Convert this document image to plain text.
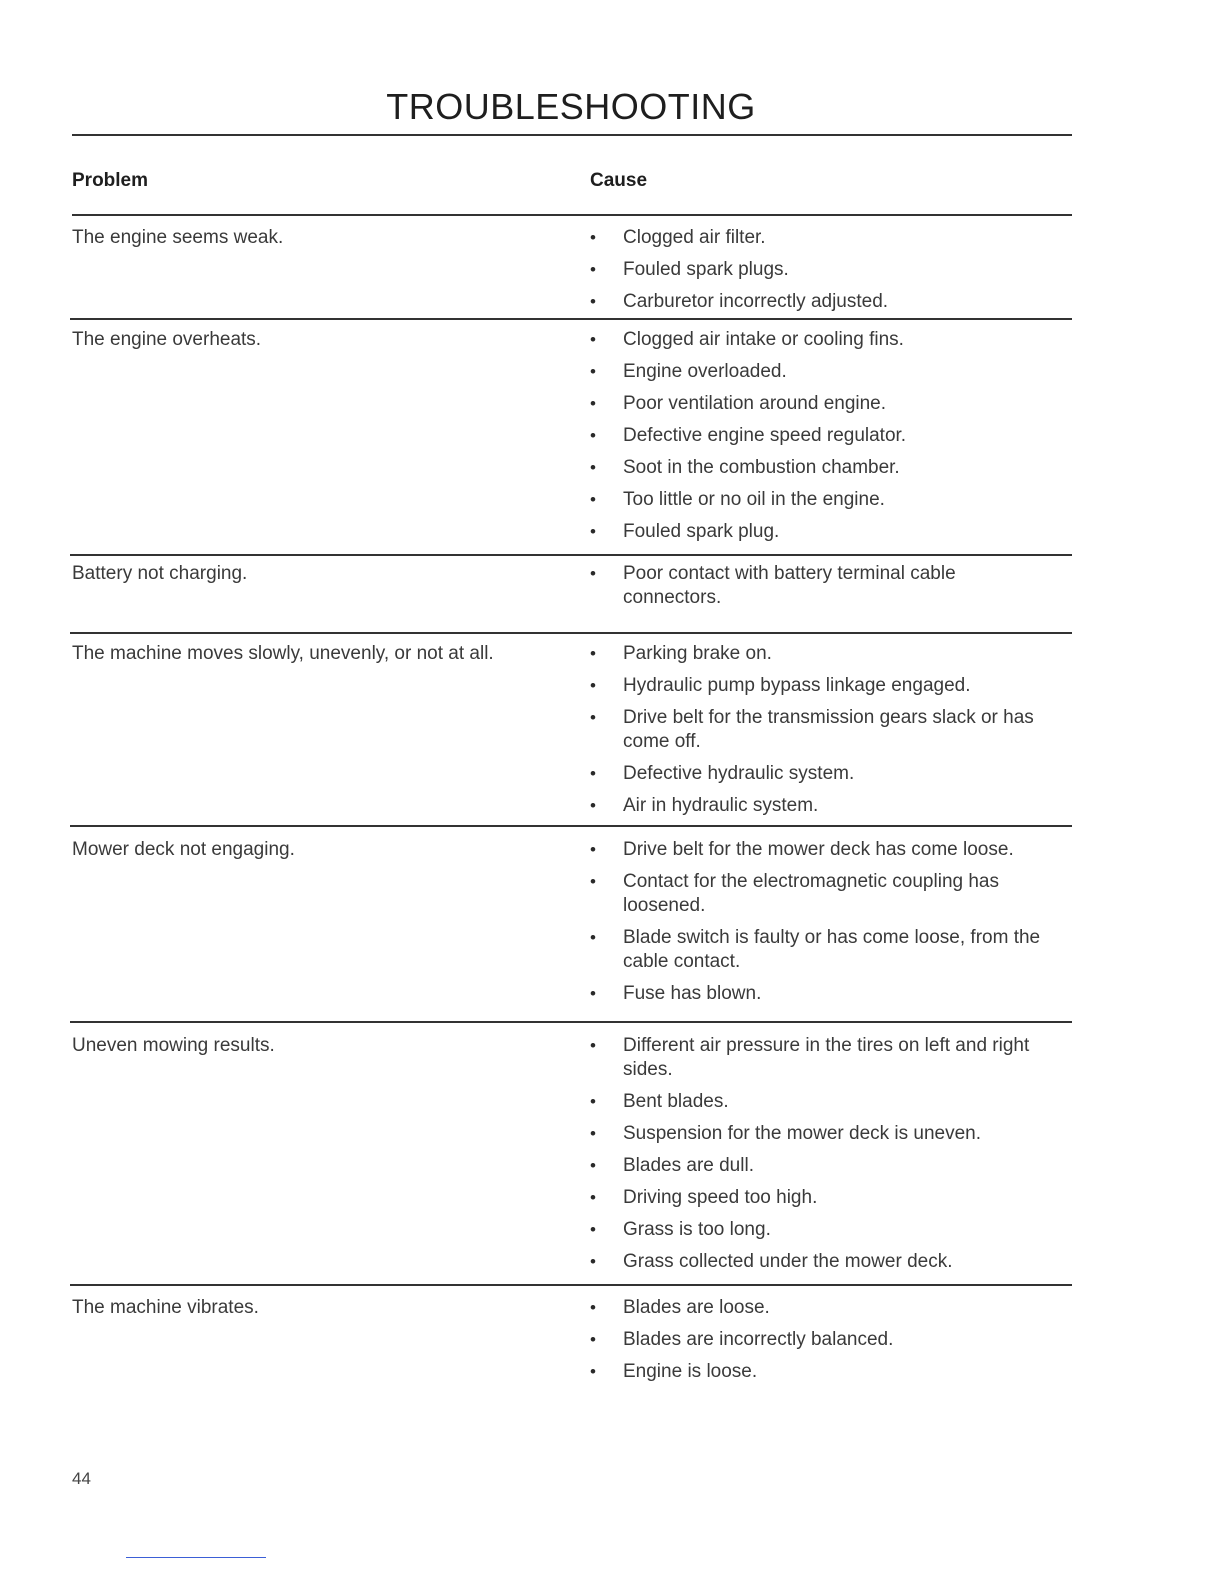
TROUBLESHOOTING
Problem	Cause
The engine seems weak.	•	Clogged air filter.
•	Fouled spark plugs.
•	Carburetor incorrectly adjusted.
The engine overheats.	•	Clogged air intake or cooling fins.
•	Engine overloaded.
•	Poor ventilation around engine.
•	Defective engine speed regulator.
•	Soot in the combustion chamber.
•	Too little or no oil in the engine.
•	Fouled spark plug.
Battery not charging.	•	Poor contact with battery terminal cable connectors.
The machine moves slowly, unevenly, or not at all.	•	Parking brake on.
•	Hydraulic pump bypass linkage engaged.
•	Drive belt for the transmission gears slack or has come off.
•	Defective hydraulic system.
•	Air in hydraulic system.
Mower deck not engaging.	•	Drive belt for the mower deck has come loose.
•	Contact for the electromagnetic coupling has loosened.
•	Blade switch is faulty or has come loose, from the cable contact.
•	Fuse has blown.
Uneven mowing results.	•	Different air pressure in the tires on left and right sides.
•	Bent blades.
•	Suspension for the mower deck is uneven.
•	Blades are dull.
•	Driving speed too high.
•	Grass is too long.
•	Grass collected under the mower deck.
The machine vibrates.	•	Blades are loose.
•	Blades are incorrectly balanced.
•	Engine is loose.
44
